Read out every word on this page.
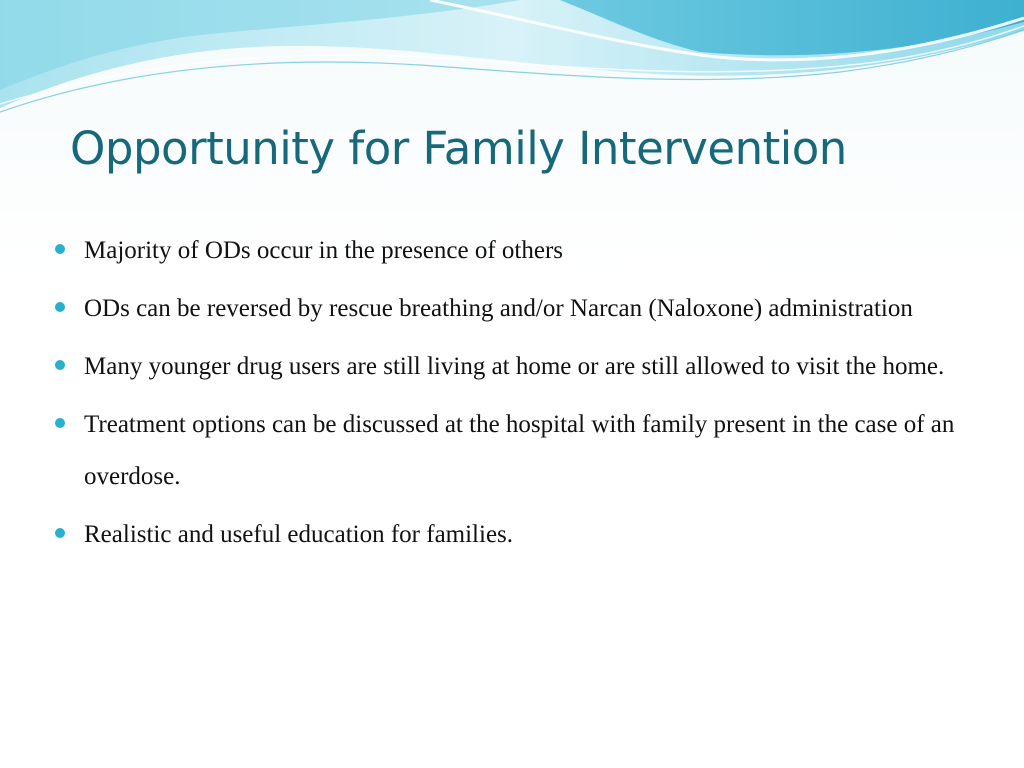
Opportunity for Family Intervention
Majority of ODs occur in the presence of others
ODs can be reversed by rescue breathing and/or Narcan (Naloxone) administration
Many younger drug users are still living at home or are still allowed to visit the home.
Treatment options can be discussed at the hospital with family present in the case of an overdose.
Realistic and useful education for families.
